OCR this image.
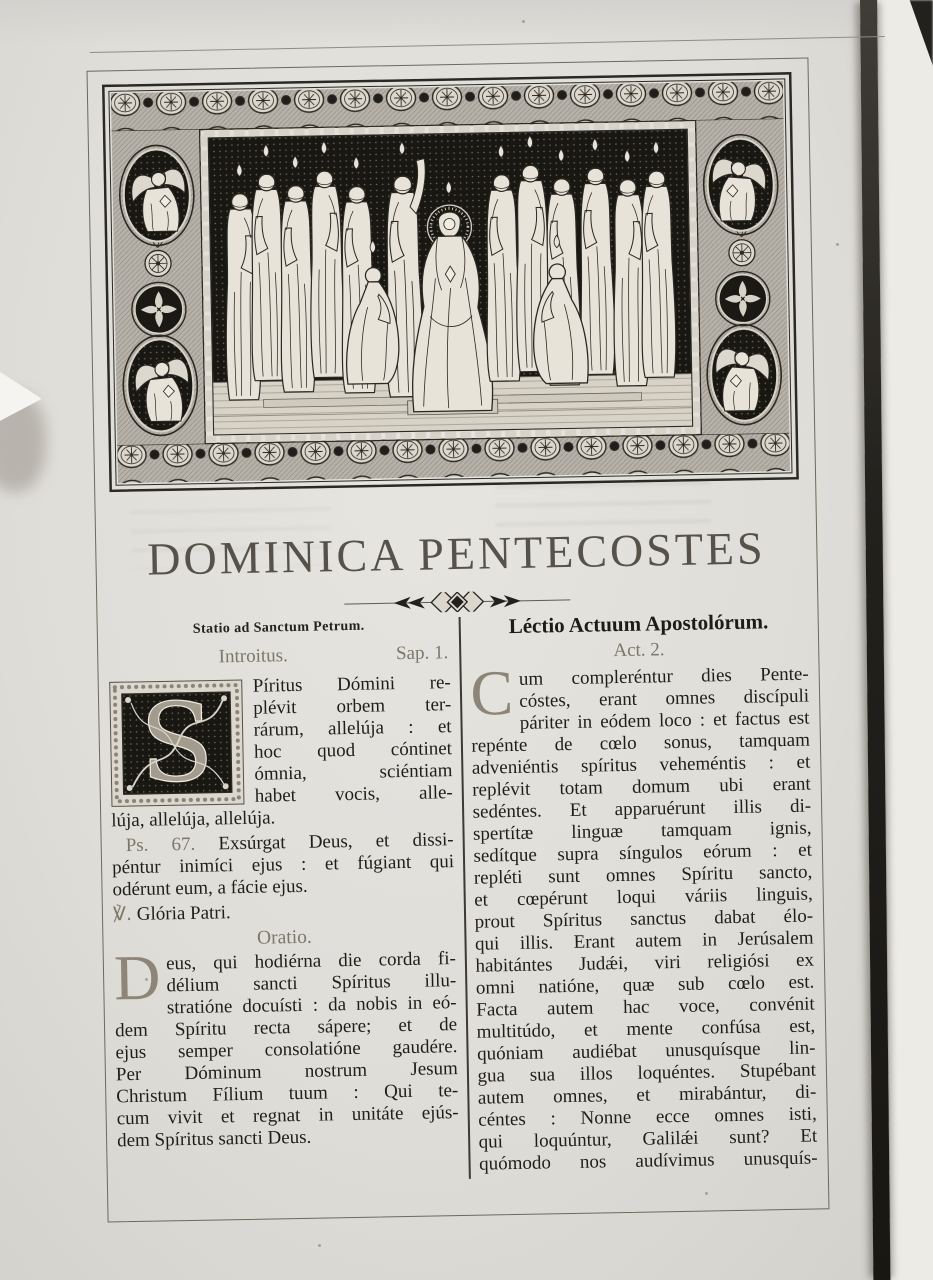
DOMINICA PENTECOSTES
Statio ad Sanctum Petrum.
Introitus.	Sap. 1.
S	Píritus Dómini re-
plévit orbem ter-
rárum, allelúja : et
hoc quod cóntinet
ómnia, sciéntiam
habet vocis, alle-
lúja, allelúja, allelúja.
Ps. 67. Exsúrgat Deus, et dissi-
péntur inimíci ejus : et fúgiant qui
odérunt eum, a fácie ejus.
℣. Glória Patri.
Oratio.
D eus, qui hodiérna die corda fi-
délium sancti Spíritus illu-
stratióne docuísti : da nobis in eó-
dem Spíritu recta sápere; et de
ejus semper consolatióne gaudére.
Per Dóminum nostrum Jesum
Christum Fílium tuum : Qui te-
cum vivit et regnat in unitáte ejús-
dem Spíritus sancti Deus.
Léctio Actuum Apostolórum.
Act. 2.
C um compleréntur dies Pente-
cóstes, erant omnes discípuli
páriter in eódem loco : et factus est
repénte de cœlo sonus, tamquam
adveniéntis spíritus veheméntis : et
replévit totam domum ubi erant
sedéntes. Et apparuérunt illis di-
spertítæ linguæ tamquam ignis,
sedítque supra síngulos eórum : et
repléti sunt omnes Spíritu sancto,
et cœpérunt loqui váriis linguis,
prout Spíritus sanctus dabat élo-
qui illis. Erant autem in Jerúsalem
habitántes Judǽi, viri religiósi ex
omni natióne, quæ sub cœlo est.
Facta autem hac voce, convénit
multitúdo, et mente confúsa est,
quóniam audiébat unusquísque lin-
gua sua illos loquéntes. Stupébant
autem omnes, et mirabántur, di-
céntes : Nonne ecce omnes isti,
qui loquúntur, Galilǽi sunt? Et
quómodo nos audívimus unusquís-
